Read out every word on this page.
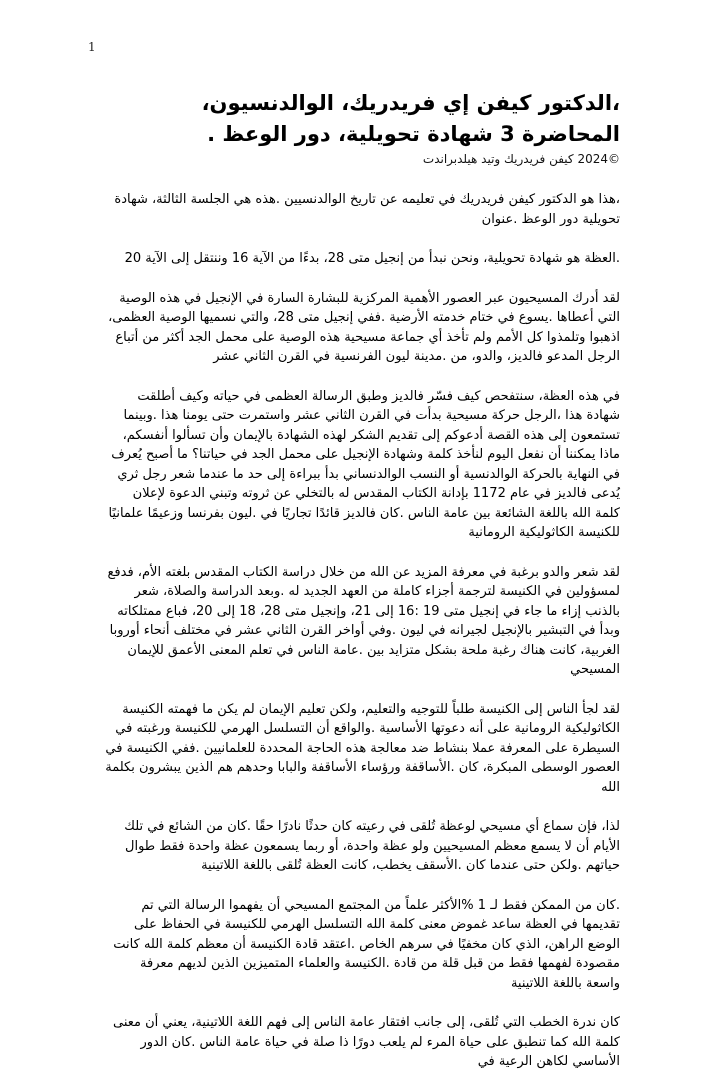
1
،الدكتور كيفن إي فريدريك، الوالدنسيون، المحاضرة 3 شهادة تحويلية، دور الوعظ .
©2024 كيفن فريدريك وتيد هيلدبراندت

،هذا هو الدكتور كيفن فريدريك في تعليمه عن تاريخ الوالدنسيين .هذه هي الجلسة الثالثة، شهادة تحويلية دور الوعظ .عنوان

.العظة هو شهادة تحويلية، ونحن نبدأ من إنجيل متى 28، بدءًا من الآية 16 وننتقل إلى الآية 20

لقد أدرك المسيحيون عبر العصور الأهمية المركزية للبشارة السارة في الإنجيل في هذه الوصية التي أعطاها .يسوع في ختام خدمته الأرضية .ففي إنجيل متى 28، والتي نسميها الوصية العظمى، اذهبوا وتلمذوا كل الأمم ولم تأخذ أي جماعة مسيحية هذه الوصية على محمل الجد أكثر من أتباع الرجل المدعو فالديز، والدو، من .مدينة ليون الفرنسية في القرن الثاني عشر

في هذه العظة، سنتفحص كيف فسّر فالديز وطبق الرسالة العظمى في حياته وكيف أطلقت شهادة هذا ،الرجل حركة مسيحية بدأت في القرن الثاني عشر واستمرت حتى يومنا هذا .وبينما تستمعون إلى هذه القصة أدعوكم إلى تقديم الشكر لهذه الشهادة بالإيمان وأن تسألوا أنفسكم، ماذا يمكننا أن نفعل اليوم لنأخذ كلمة وشهادة الإنجيل على محمل الجد في حياتنا؟ ما أصبح يُعرف في النهاية بالحركة الوالدنسية أو النسب الوالدنساني بدأ ببراءة إلى حد ما عندما شعر رجل ثري يُدعى فالديز في عام 1172 بإدانة الكتاب المقدس له بالتخلي عن ثروته وتبني الدعوة لإعلان كلمة الله باللغة الشائعة بين عامة الناس .كان فالديز قائدًا تجاريًا في .ليون بفرنسا وزعيمًا علمانيًا للكنيسة الكاثوليكية الرومانية

لقد شعر والدو برغبة في معرفة المزيد عن الله من خلال دراسة الكتاب المقدس بلغته الأم، فدفع لمسؤولين في الكنيسة لترجمة أجزاء كاملة من العهد الجديد له .وبعد الدراسة والصلاة، شعر بالذنب إزاء ما جاء في إنجيل متى 19 :16 إلى 21، وإنجيل متى 28، 18 إلى 20، فباع ممتلكاته وبدأ في التبشير بالإنجيل لجيرانه في ليون .وفي أواخر القرن الثاني عشر في مختلف أنحاء أوروبا الغربية، كانت هناك رغبة ملحة بشكل متزايد بين .عامة الناس في تعلم المعنى الأعمق للإيمان المسيحي

لقد لجأ الناس إلى الكنيسة طلباً للتوجيه والتعليم، ولكن تعليم الإيمان لم يكن ما فهمته الكنيسة الكاثوليكية الرومانية على أنه دعوتها الأساسية .والواقع أن التسلسل الهرمي للكنيسة ورغبته في السيطرة على المعرفة عملا بنشاط ضد معالجة هذه الحاجة المحددة للعلمانيين .ففي الكنيسة في العصور الوسطى المبكرة، كان .الأساقفة ورؤساء الأساقفة والبابا وحدهم هم الذين يبشرون بكلمة الله

لذا، فإن سماع أي مسيحي لوعظة تُلقى في رعيته كان حدثًا نادرًا حقًا .كان من الشائع في تلك الأيام أن لا يسمع معظم المسيحيين ولو عظة واحدة، أو ربما يسمعون عظة واحدة فقط طوال حياتهم .ولكن حتى عندما كان .الأسقف يخطب، كانت العظة تُلقى باللغة اللاتينية

.كان من الممكن فقط لـ 1 %الأكثر علماً من المجتمع المسيحي أن يفهموا الرسالة التي تم تقديمها في العظة ساعد غموض معنى كلمة الله التسلسل الهرمي للكنيسة في الحفاظ على الوضع الراهن، الذي كان مخفيًا في سرهم الخاص .اعتقد قادة الكنيسة أن معظم كلمة الله كانت مقصودة لفهمها فقط من قبل قلة من قادة .الكنيسة والعلماء المتميزين الذين لديهم معرفة واسعة باللغة اللاتينية

كان ندرة الخطب التي تُلقى، إلى جانب افتقار عامة الناس إلى فهم اللغة اللاتينية، يعني أن معنى كلمة الله كما تنطبق على حياة المرء لم يلعب دورًا ذا صلة في حياة عامة الناس .كان الدور الأساسي لكاهن الرعية في
